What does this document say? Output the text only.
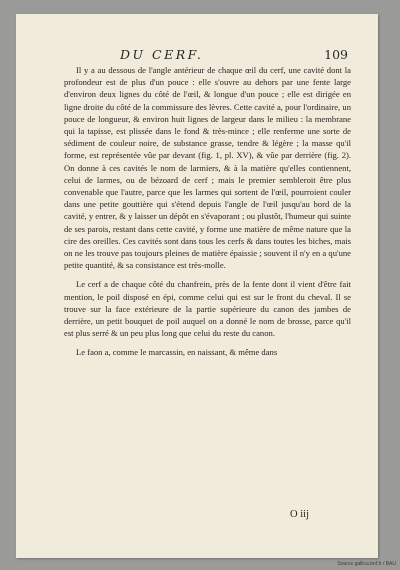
DU CERF.	109

Il y a au dessous de l'angle antérieur de chaque œil du cerf, une cavité dont la profondeur est de plus d'un pouce : elle s'ouvre au dehors par une fente large d'environ deux lignes du côté de l'œil, & longue d'un pouce ; elle est dirigée en ligne droite du côté de la commissure des lèvres. Cette cavité a, pour l'ordinaire, un pouce de longueur, & environ huit lignes de largeur dans le milieu : la membrane qui la tapisse, est plissée dans le fond & très-mince ; elle renferme une sorte de sédiment de couleur noire, de substance grasse, tendre & légère ; la masse qu'il forme, est représentée vûe par devant (fig. 1, pl. XV), & vûe par derrière (fig. 2). On donne à ces cavités le nom de larmiers, & à la matière qu'elles contiennent, celui de larmes, ou de bézoard de cerf ; mais le premier sembleroit être plus convenable que l'autre, parce que les larmes qui sortent de l'œil, pourroient couler dans une petite gouttière qui s'étend depuis l'angle de l'œil jusqu'au bord de la cavité, y entrer, & y laisser un dépôt en s'évaporant ; ou plustôt, l'humeur qui suinte de ses parois, restant dans cette cavité, y forme une matière de même nature que la cire des oreilles. Ces cavités sont dans tous les cerfs & dans toutes les biches, mais on ne les trouve pas toujours pleines de matière épaissie ; souvent il n'y en a qu'une petite quantité, & sa consistance est très-molle.

Le cerf a de chaque côté du chanfrein, près de la fente dont il vient d'être fait mention, le poil disposé en épi, comme celui qui est sur le front du cheval. Il se trouve sur la face extérieure de la partie supérieure du canon des jambes de derrière, un petit bouquet de poil auquel on a donné le nom de brosse, parce qu'il est plus serré & un peu plus long que celui du reste du canon.

Le faon a, comme le marcassin, en naissant, & même dans

O iij
Source gallica.bnf.fr / BAU
